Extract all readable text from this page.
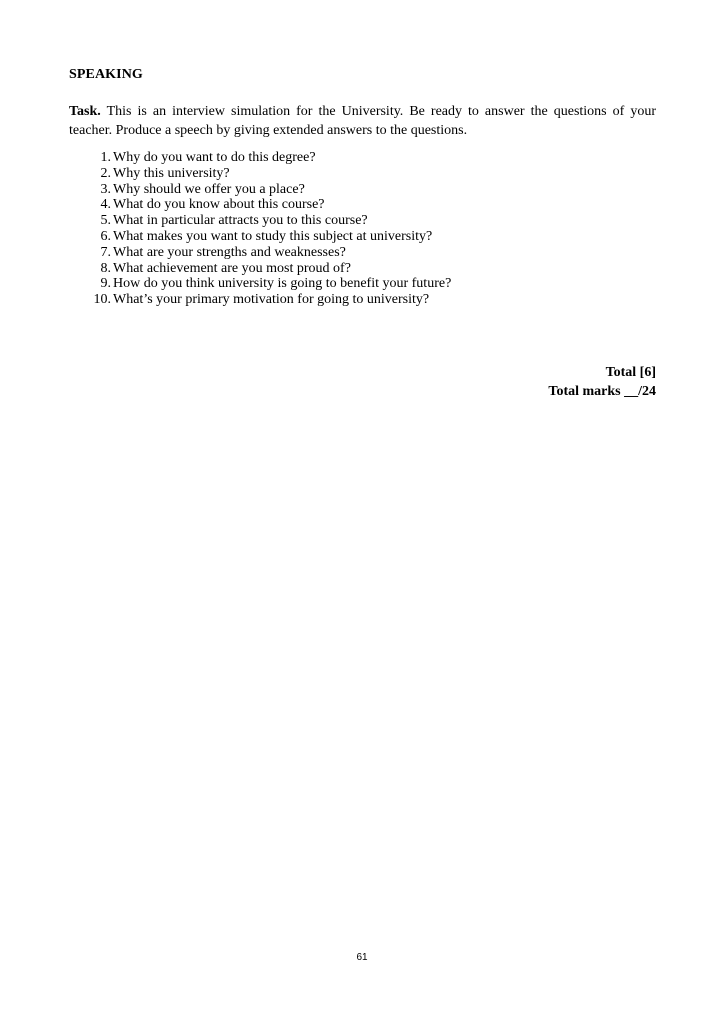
SPEAKING
Task. This is an interview simulation for the University. Be ready to answer the questions of your teacher. Produce a speech by giving extended answers to the questions.
1. Why do you want to do this degree?
2. Why this university?
3. Why should we offer you a place?
4. What do you know about this course?
5. What in particular attracts you to this course?
6. What makes you want to study this subject at university?
7. What are your strengths and weaknesses?
8. What achievement are you most proud of?
9. How do you think university is going to benefit your future?
10. What’s your primary motivation for going to university?
Total [6]
Total marks __/24
61
